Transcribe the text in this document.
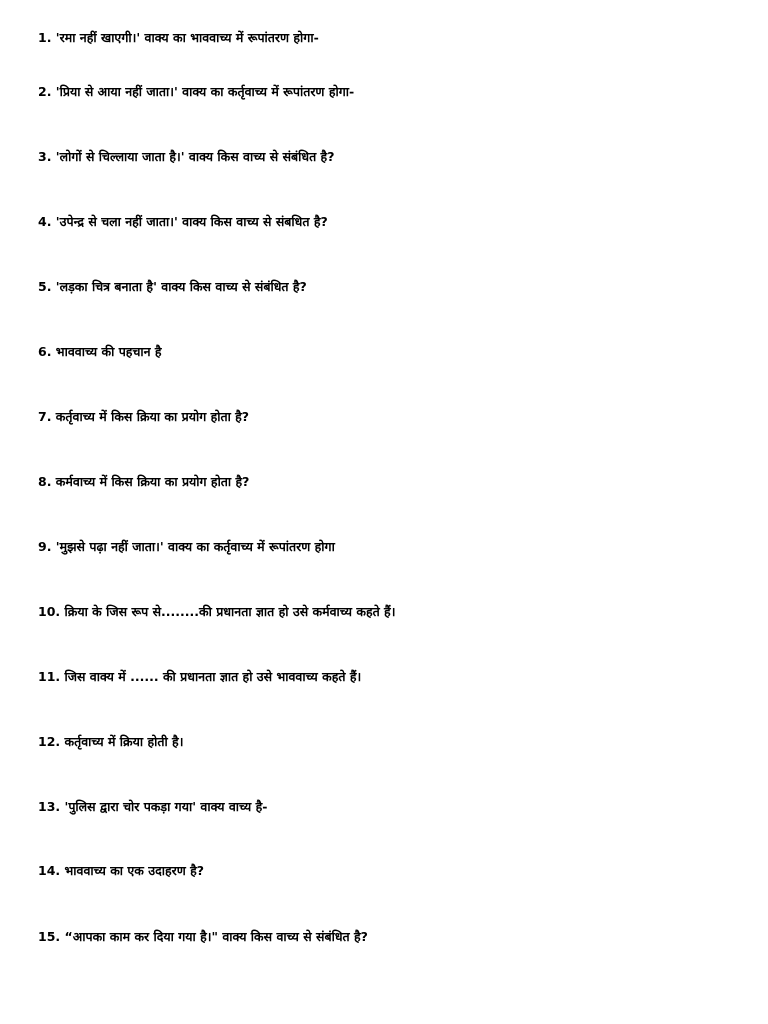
1. 'रमा नहीं खाएगी।' वाक्य का भाववाच्य में रूपांतरण होगा-
2. 'प्रिया से आया नहीं जाता।' वाक्य का कर्तृवाच्य में रूपांतरण होगा-
3. 'लोगों से चिल्लाया जाता है।' वाक्य किस वाच्य से संबंधित है?
4. 'उपेन्द्र से चला नहीं जाता।' वाक्य किस वाच्य से संबधित है?
5. 'लड़का चित्र बनाता है' वाक्य किस वाच्य से संबंधित है?
6. भाववाच्य की पहचान है
7. कर्तृवाच्य में किस क्रिया का प्रयोग होता है?
8. कर्मवाच्य में किस क्रिया का प्रयोग होता है?
9. 'मुझसे पढ़ा नहीं जाता।' वाक्य का कर्तृवाच्य में रूपांतरण होगा
10. क्रिया के जिस रूप से........की प्रधानता ज्ञात हो उसे कर्मवाच्य कहते हैं।
11. जिस वाक्य में ...... की प्रधानता ज्ञात हो उसे भाववाच्य कहते हैं।
12. कर्तृवाच्य में क्रिया होती है।
13. 'पुलिस द्वारा चोर पकड़ा गया' वाक्य वाच्य है-
14. भाववाच्य का एक उदाहरण है?
15. “आपका काम कर दिया गया है।" वाक्य किस वाच्य से संबंधित है?
